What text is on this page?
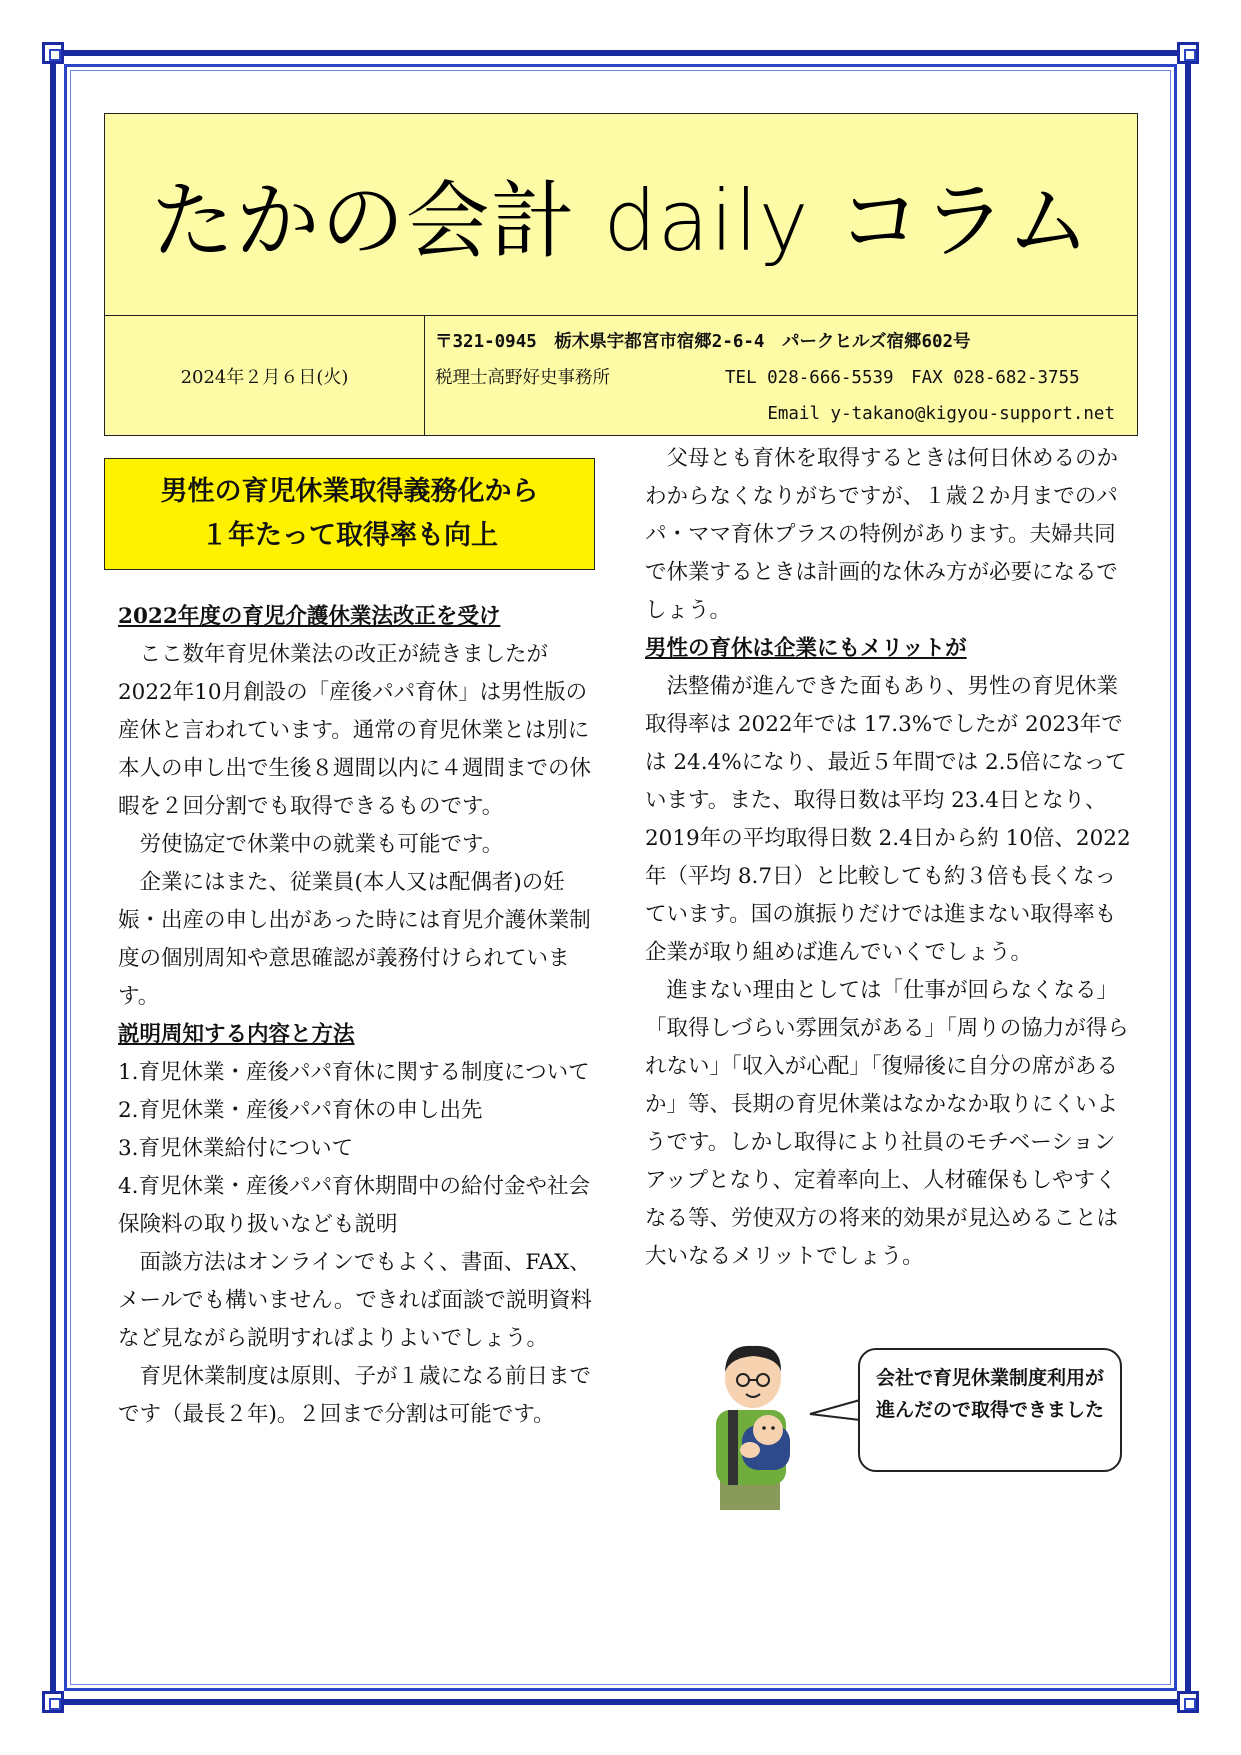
たかの会計 daily コラム
2024年２月６日(火)
〒321-0945　栃木県宇都宮市宿郷2-6-4　パークヒルズ宿郷602号
税理士高野好史事務所	TEL 028-666-5539　FAX 028-682-3755
Email y-takano@kigyou-support.net
男性の育児休業取得義務化から
１年たって取得率も向上

2022年度の育児介護休業法改正を受け

ここ数年育児休業法の改正が続きましたが 2022年10月創設の「産後パパ育休」は男性版の産休と言われています。通常の育児休業とは別に本人の申し出で生後８週間以内に４週間までの休暇を２回分割でも取得できるものです。

労使協定で休業中の就業も可能です。

企業にはまた、従業員(本人又は配偶者)の妊娠・出産の申し出があった時には育児介護休業制度の個別周知や意思確認が義務付けられています。

説明周知する内容と方法

1.育児休業・産後パパ育休に関する制度について

2.育児休業・産後パパ育休の申し出先

3.育児休業給付について

4.育児休業・産後パパ育休期間中の給付金や社会保険料の取り扱いなども説明

面談方法はオンラインでもよく、書面、FAX、メールでも構いません。できれば面談で説明資料など見ながら説明すればよりよいでしょう。

育児休業制度は原則、子が１歳になる前日までです（最長２年)。２回まで分割は可能です。

父母とも育休を取得するときは何日休めるのかわからなくなりがちですが、１歳２か月までのパパ・ママ育休プラスの特例があります。夫婦共同で休業するときは計画的な休み方が必要になるでしょう。

男性の育休は企業にもメリットが

法整備が進んできた面もあり、男性の育児休業取得率は 2022年では 17.3%でしたが 2023年では 24.4%になり、最近５年間では 2.5倍になっています。また、取得日数は平均 23.4日となり、2019年の平均取得日数 2.4日から約 10倍、2022年（平均 8.7日）と比較しても約３倍も長くなっています。国の旗振りだけでは進まない取得率も企業が取り組めば進んでいくでしょう。

進まない理由としては「仕事が回らなくなる」「取得しづらい雰囲気がある」「周りの協力が得られない」「収入が心配」「復帰後に自分の席があるか」等、長期の育児休業はなかなか取りにくいようです。しかし取得により社員のモチベーションアップとなり、定着率向上、人材確保もしやすくなる等、労使双方の将来的効果が見込めることは大いなるメリットでしょう。

会社で育児休業制度利用が進んだので取得できました
